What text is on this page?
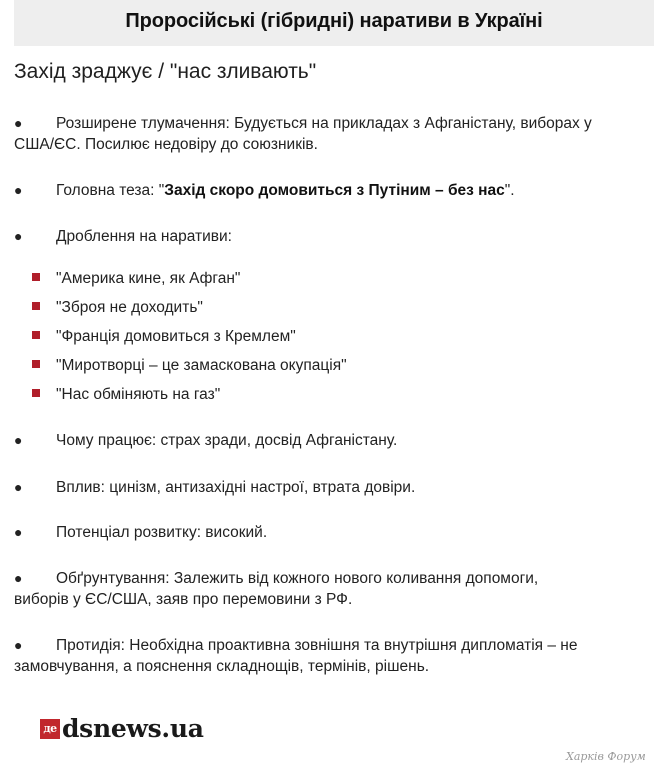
Проросійські (гібридні) наративи в Україні

Захід зраджує / "нас зливають"

● Розширене тлумачення: Будується на прикладах з Афганістану, виборах у

США/ЄС. Посилює недовіру до союзників.

● Головна теза: "Захід скоро домовиться з Путіним – без нас".

● Дроблення на наративи:

"Америка кине, як Афган"
"Зброя не доходить"
"Франція домовиться з Кремлем"
"Миротворці – це замаскована окупація"
"Нас обміняють на газ"

● Чому працює: страх зради, досвід Афганістану.

● Вплив: цинізм, антизахідні настрої, втрата довіри.

● Потенціал розвитку: високий.

● Обґрунтування: Залежить від кожного нового коливання допомоги,

виборів у ЄС/США, заяв про перемовини з РФ.

● Протидія: Необхідна проактивна зовнішня та внутрішня дипломатія – не

замовчування, а пояснення складнощів, термінів, рішень.

де dsnews.ua
Харків Форум
